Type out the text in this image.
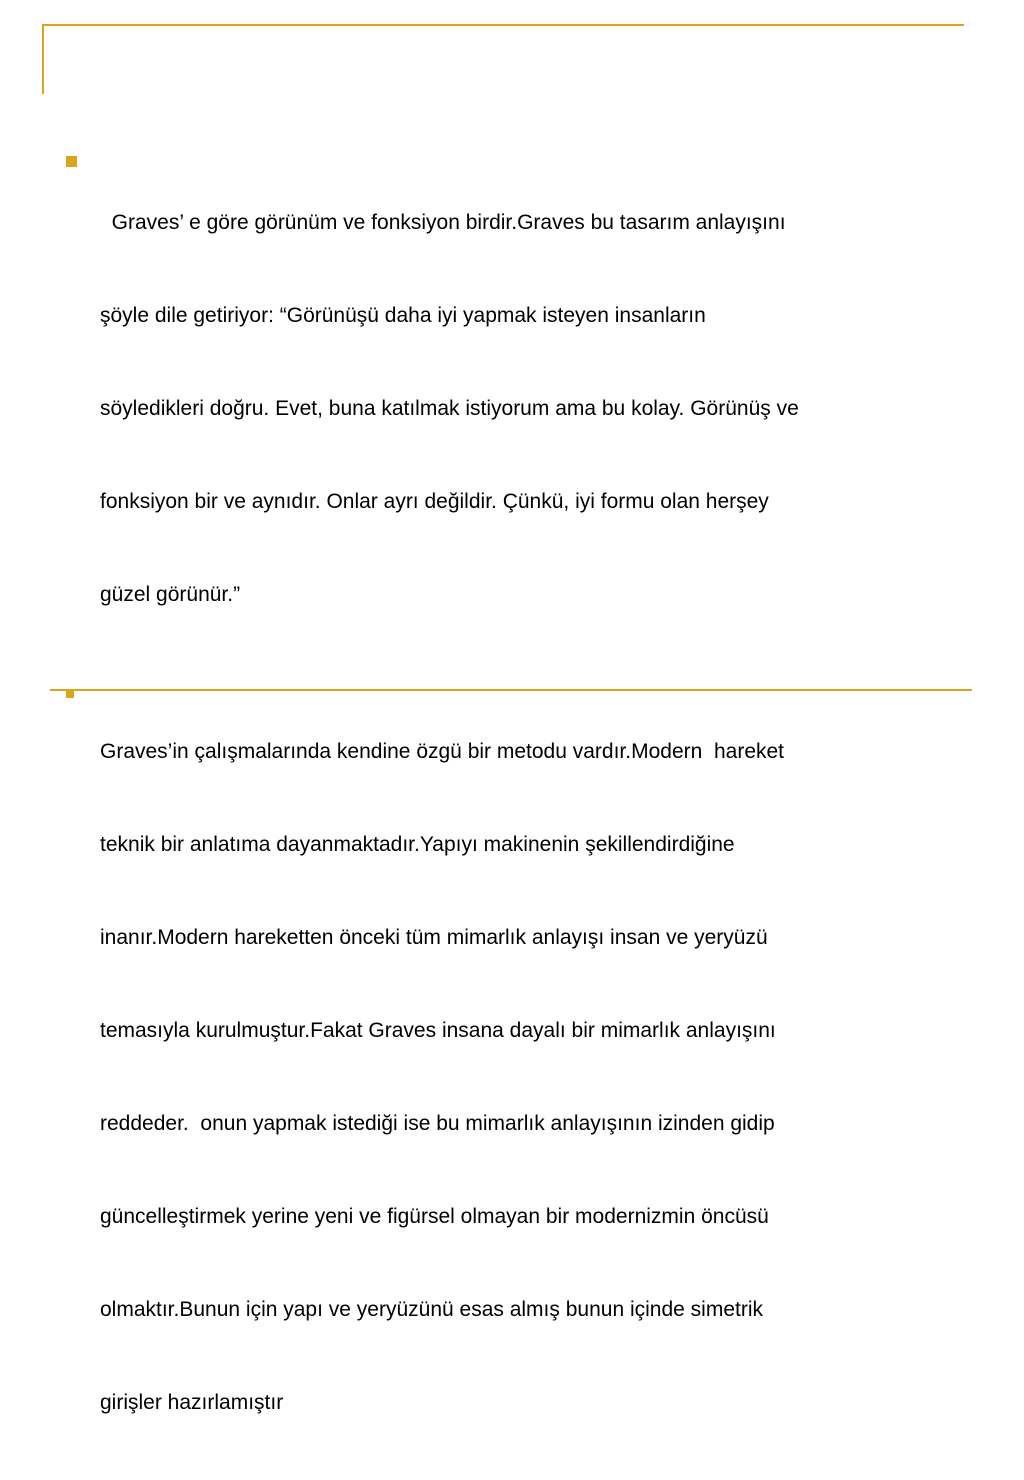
Graves’ e göre görünüm ve fonksiyon birdir.Graves bu tasarım anlayışını

şöyle dile getiriyor: “Görünüşü daha iyi yapmak isteyen insanların

söyledikleri doğru. Evet, buna katılmak istiyorum ama bu kolay. Görünüş ve

fonksiyon bir ve aynıdır. Onlar ayrı değildir. Çünkü, iyi formu olan herşey

güzel görünür.”

Graves’in çalışmalarında kendine özgü bir metodu vardır.Modern  hareket

teknik bir anlatıma dayanmaktadır.Yapıyı makinenin şekillendirdiğine

inanır.Modern hareketten önceki tüm mimarlık anlayışı insan ve yeryüzü

temasıyla kurulmuştur.Fakat Graves insana dayalı bir mimarlık anlayışını

reddeder.  onun yapmak istediği ise bu mimarlık anlayışının izinden gidip

güncelleştirmek yerine yeni ve figürsel olmayan bir modernizmin öncüsü

olmaktır.Bunun için yapı ve yeryüzünü esas almış bunun içinde simetrik

girişler hazırlamıştır
